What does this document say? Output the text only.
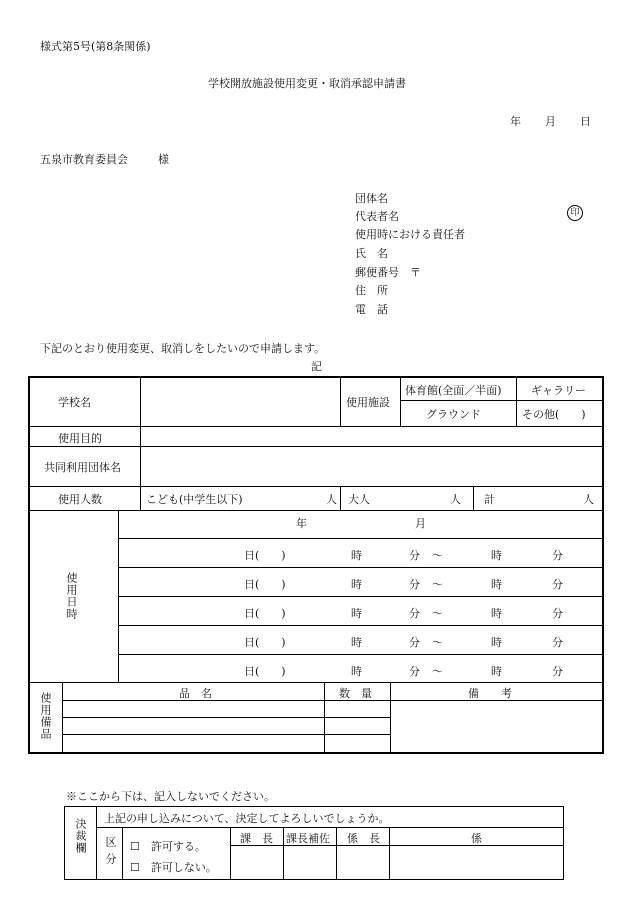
様式第5号(第8条関係)
学校開放施設使用変更・取消承認申請書
年 月 日
五泉市教育委員会	様
団体名
代表者名	印
使用時における責任者
氏　名
郵便番号　〒
住　所
電　話
下記のとおり使用変更、取消しをしたいので申請します。
記
学校名	使用施設
体育館(全面／半面)	ギャラリー
グラウンド	その他(　　)
使用目的
共同利用団体名
使用人数	こども(中学生以下)	人 大人	人 計	人
使用日時
年	月
日(　　)	時	分 〜	時	分
日(　　)	時	分 〜	時	分
日(　　)	時	分 〜	時	分
日(　　)	時	分 〜	時	分
日(　　)	時	分 〜	時	分
使用備品	品　名	数　量	備　　考
※ここから下は、記入しないでください。
決裁欄 上記の申し込みについて、決定してよろしいでしょうか。
区分 ☐　許可する。
☐　許可しない。
課　長 課長補佐 係　長	係
